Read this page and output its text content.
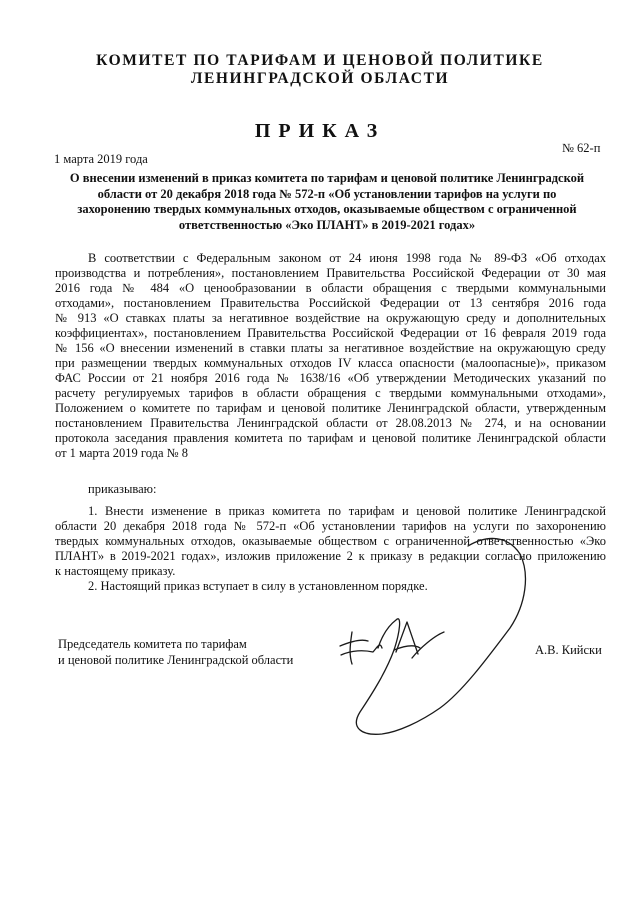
КОМИТЕТ ПО ТАРИФАМ И ЦЕНОВОЙ ПОЛИТИКЕ
ЛЕНИНГРАДСКОЙ ОБЛАСТИ
ПРИКАЗ
1 марта 2019 года
№ 62-п
О внесении изменений в приказ комитета по тарифам и ценовой политике Ленинградской
области от 20 декабря 2018 года № 572-п «Об установлении тарифов на услуги по
захоронению твердых коммунальных отходов, оказываемые обществом с ограниченной
ответственностью «Эко ПЛАНТ» в 2019-2021 годах»
В соответствии с Федеральным законом от 24 июня 1998 года № 89-ФЗ «Об отходах
производства и потребления», постановлением Правительства Российской Федерации от 30 мая
2016 года № 484 «О ценообразовании в области обращения с твердыми коммунальными
отходами», постановлением Правительства Российской Федерации от 13 сентября 2016 года
№ 913 «О ставках платы за негативное воздействие на окружающую среду и дополнительных
коэффициентах», постановлением Правительства Российской Федерации от 16 февраля 2019 года
№ 156 «О внесении изменений в ставки платы за негативное воздействие на окружающую среду
при размещении твердых коммунальных отходов IV класса опасности (малоопасные)», приказом
ФАС России от 21 ноября 2016 года № 1638/16 «Об утверждении Методических указаний по
расчету регулируемых тарифов в области обращения с твердыми коммунальными отходами»,
Положением о комитете по тарифам и ценовой политике Ленинградской области, утвержденным
постановлением Правительства Ленинградской области от 28.08.2013 № 274, и на основании
протокола заседания правления комитета по тарифам и ценовой политике Ленинградской области
от 1 марта 2019 года № 8
приказываю:
1. Внести изменение в приказ комитета по тарифам и ценовой политике Ленинградской
области 20 декабря 2018 года № 572-п «Об установлении тарифов на услуги по захоронению
твердых коммунальных отходов, оказываемые обществом с ограниченной ответственностью «Эко
ПЛАНТ» в 2019-2021 годах», изложив приложение 2 к приказу в редакции согласно приложению
к настоящему приказу.
2. Настоящий приказ вступает в силу в установленном порядке.
Председатель комитета по тарифам
и ценовой политике Ленинградской области
А.В. Кийски
